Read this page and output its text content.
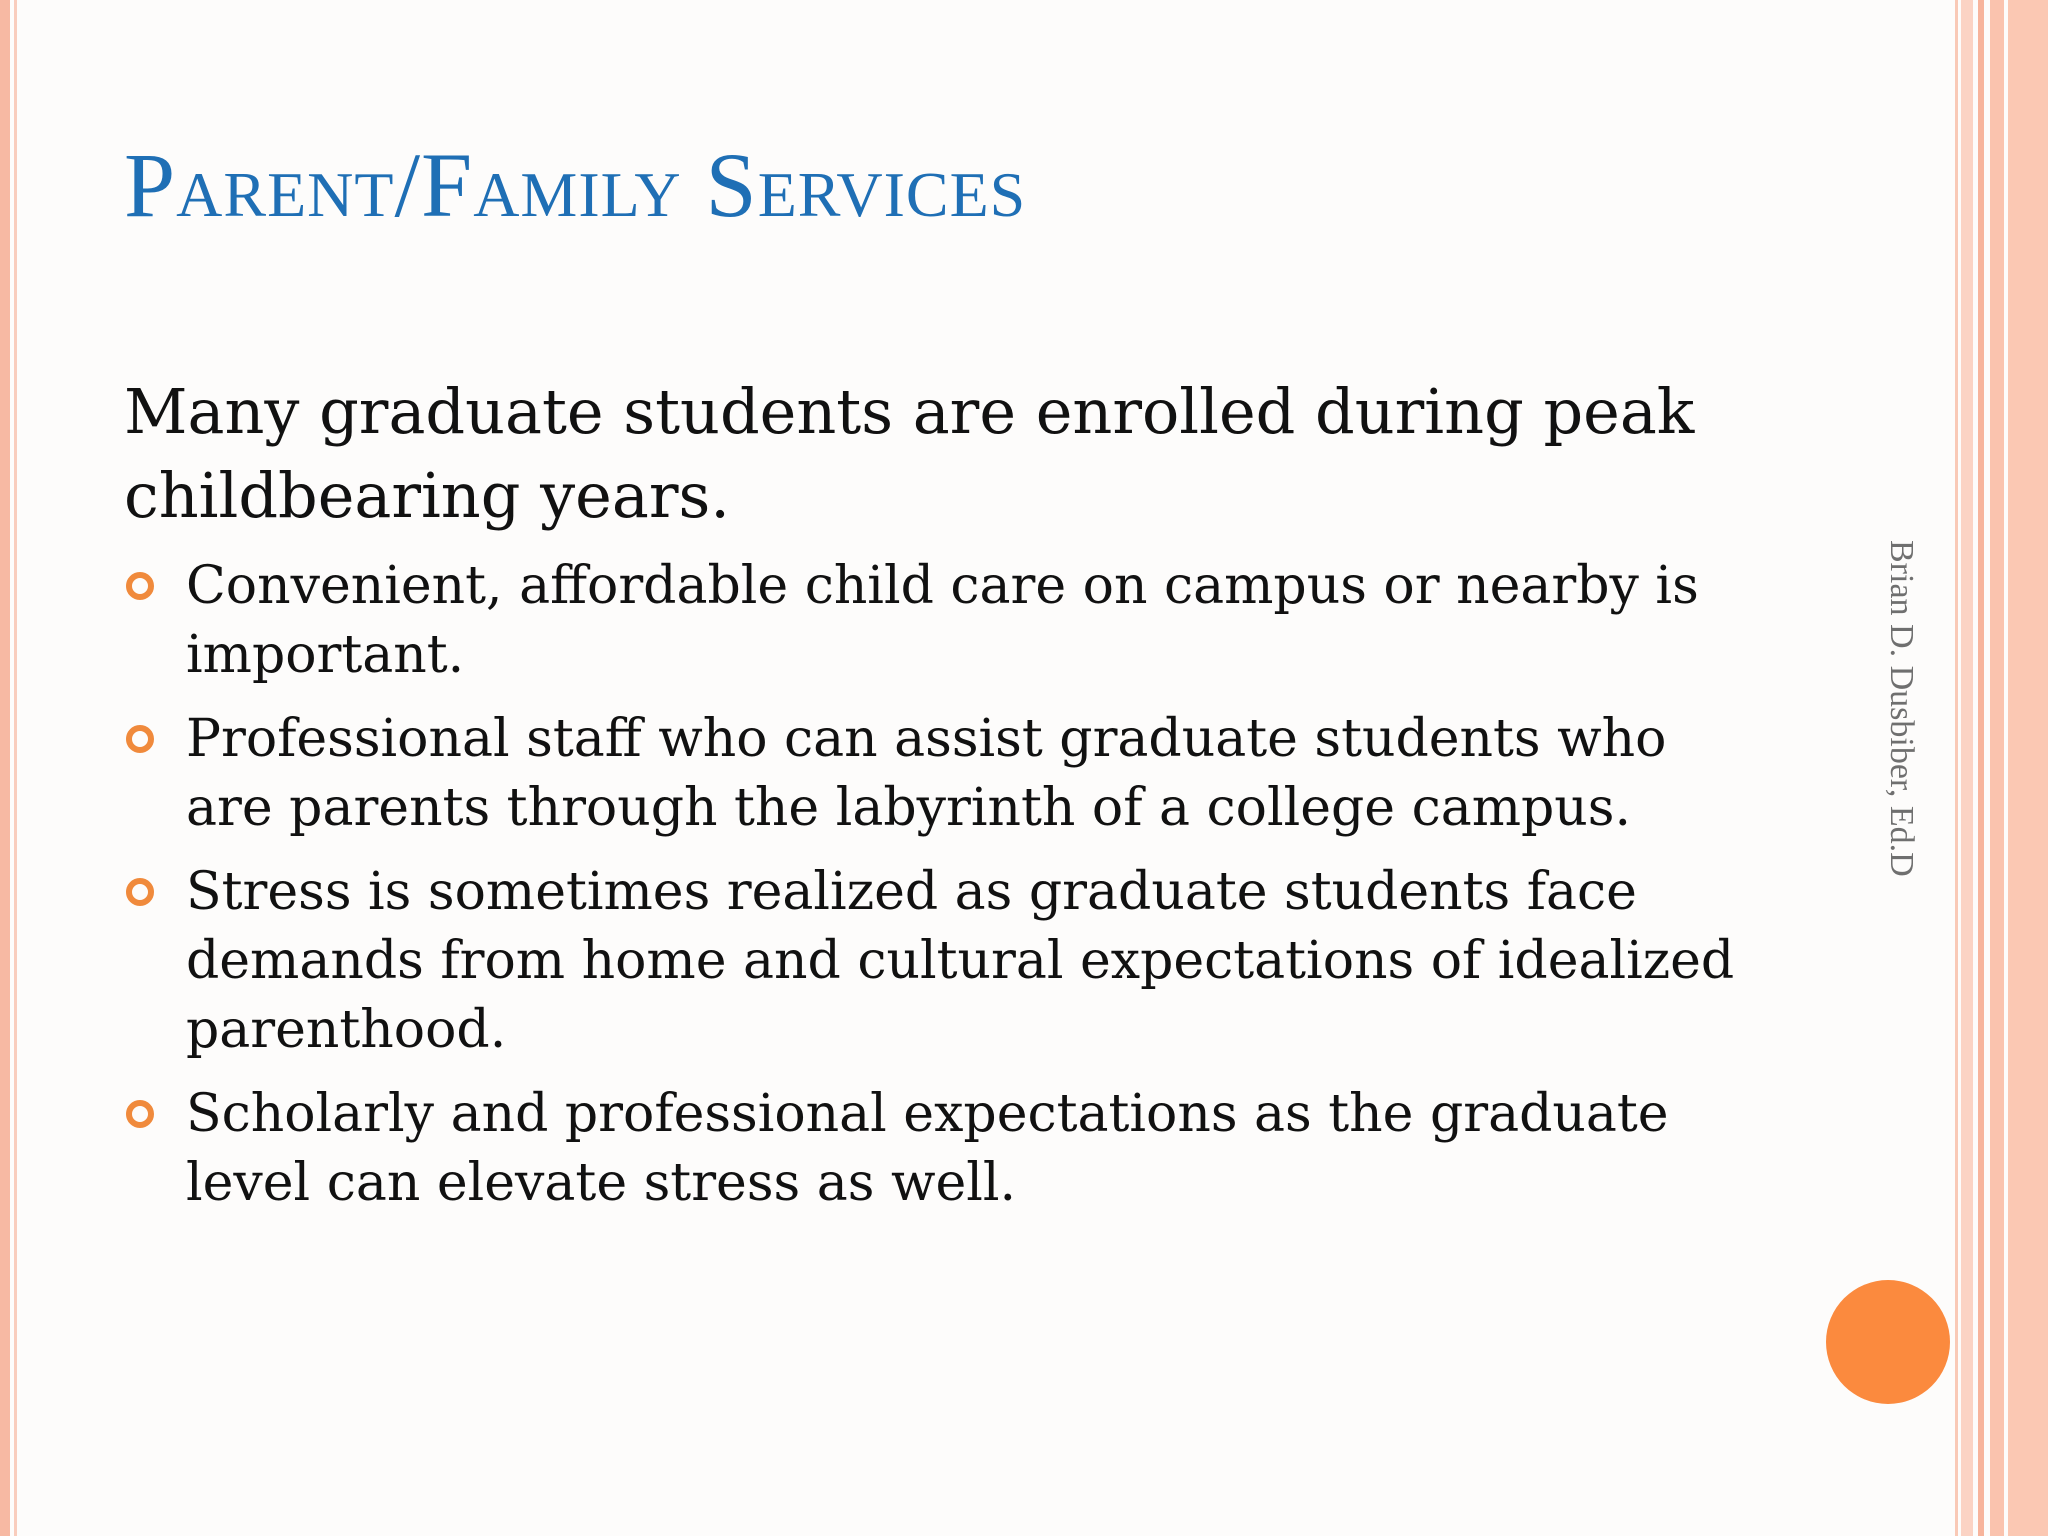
Parent/Family Services

Many graduate students are enrolled during peak childbearing years.

Convenient, affordable child care on campus or nearby is important.
Professional staff who can assist graduate students who are parents through the labyrinth of a college campus.
Stress is sometimes realized as graduate students face demands from home and cultural expectations of idealized parenthood.
Scholarly and professional expectations as the graduate level can elevate stress as well.
Brian D. Dusbiber, Ed.D
